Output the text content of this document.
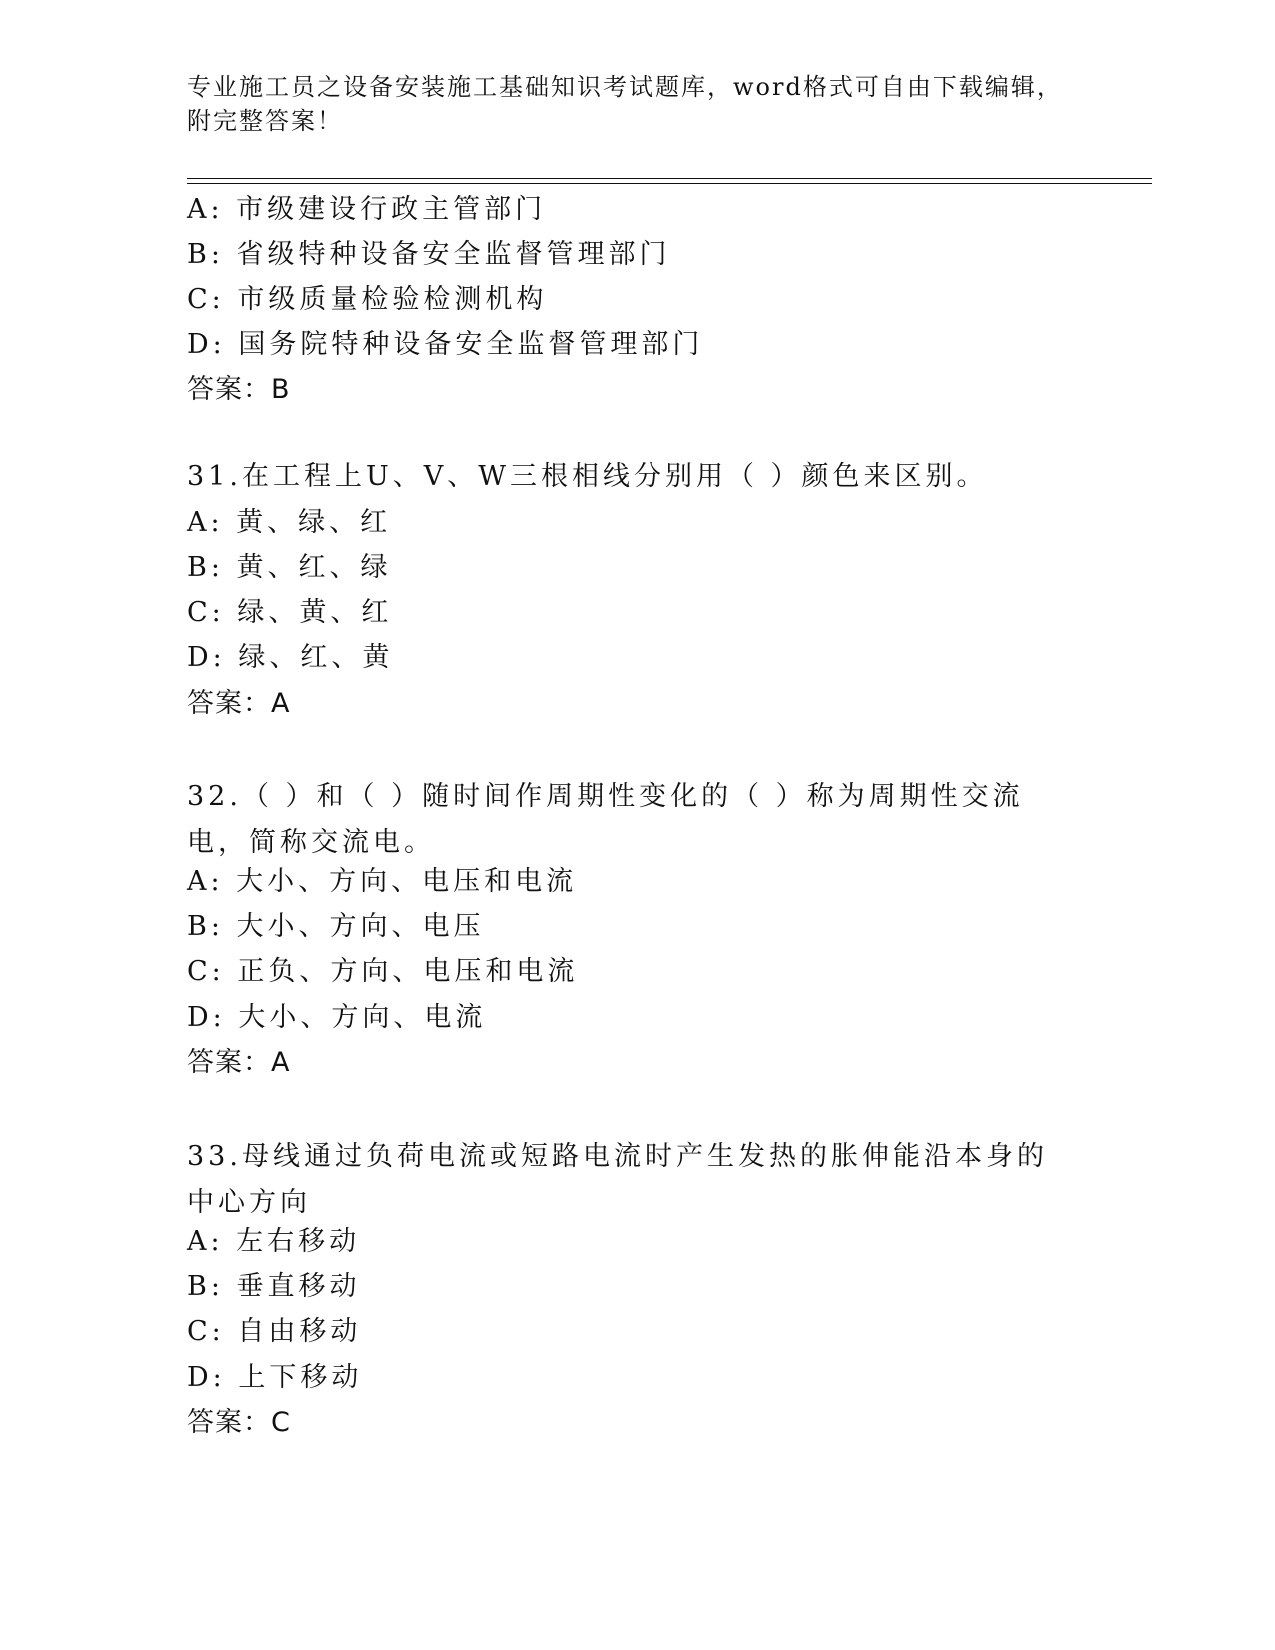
专业施工员之设备安装施工基础知识考试题库，word格式可自由下载编辑，附完整答案！
A: 市级建设行政主管部门
B: 省级特种设备安全监督管理部门
C: 市级质量检验检测机构
D: 国务院特种设备安全监督管理部门
答案：B
31.在工程上U、V、W三根相线分别用（ ）颜色来区别。
A: 黄、绿、红
B: 黄、红、绿
C: 绿、黄、红
D: 绿、红、黄
答案：A
32.（ ）和（ ）随时间作周期性变化的（ ）称为周期性交流电，简称交流电。
A: 大小、方向、电压和电流
B: 大小、方向、电压
C: 正负、方向、电压和电流
D: 大小、方向、电流
答案：A
33.母线通过负荷电流或短路电流时产生发热的胀伸能沿本身的中心方向
A: 左右移动
B: 垂直移动
C: 自由移动
D: 上下移动
答案：C
